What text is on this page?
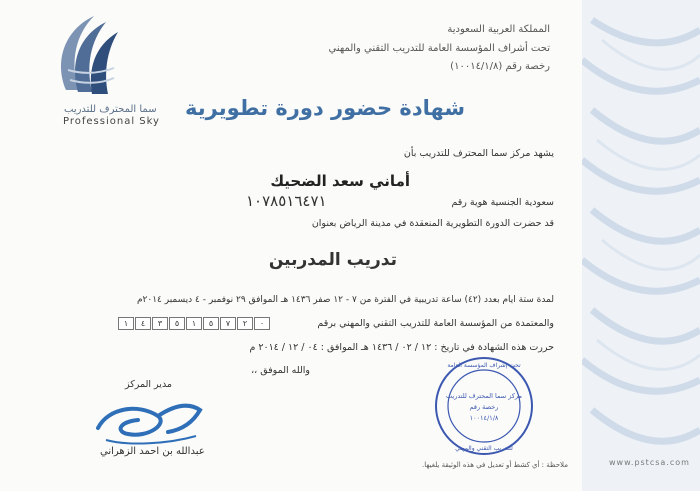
سما المحترف للتدريب
Professional Sky
المملكة العربية السعودية
تحت أشراف المؤسسة العامة للتدريب التقني والمهني
رخصة رقم (١٠٠١٤/١/٨)
شهادة حضور دورة تطويرية
يشهد مركز سما المحترف للتدريب بأن
أماني سعد الضحيك
سعودية الجنسية هوية رقم
١٠٧٨٥١٦٤٧١
قد حضرت الدورة التطويرية المنعقدة في مدينة الرياض بعنوان
تدريب المدربين
لمدة ستة ايام بعدد (٤٢) ساعة تدريبية في الفترة من ٧ - ١٢ صفر ١٤٣٦ هـ الموافق ٢٩ نوفمبر - ٤ ديسمبر ٢٠١٤م
والمعتمدة من المؤسسة العامة للتدريب التقني والمهني برقم
١	٤	٣	٥	١	٥	٧	٢	٠
حررت هذه الشهادة في تاريخ : ١٢ / ٠٢ / ١٤٣٦ هـ الموافق : ٠٤ / ١٢ / ٢٠١٤ م
والله الموفق ،،
مدير المركز
عبدالله بن احمد الزهراني
تحت إشراف المؤسسة العامة
مركز سما المحترف للتدريب
رخصة رقم
١٠٠١٤/١/٨
للتدريب التقني والمهني
ملاحظة : أي كشط أو تعديل في هذه الوثيقة يلغيها.	www.pstcsa.com
